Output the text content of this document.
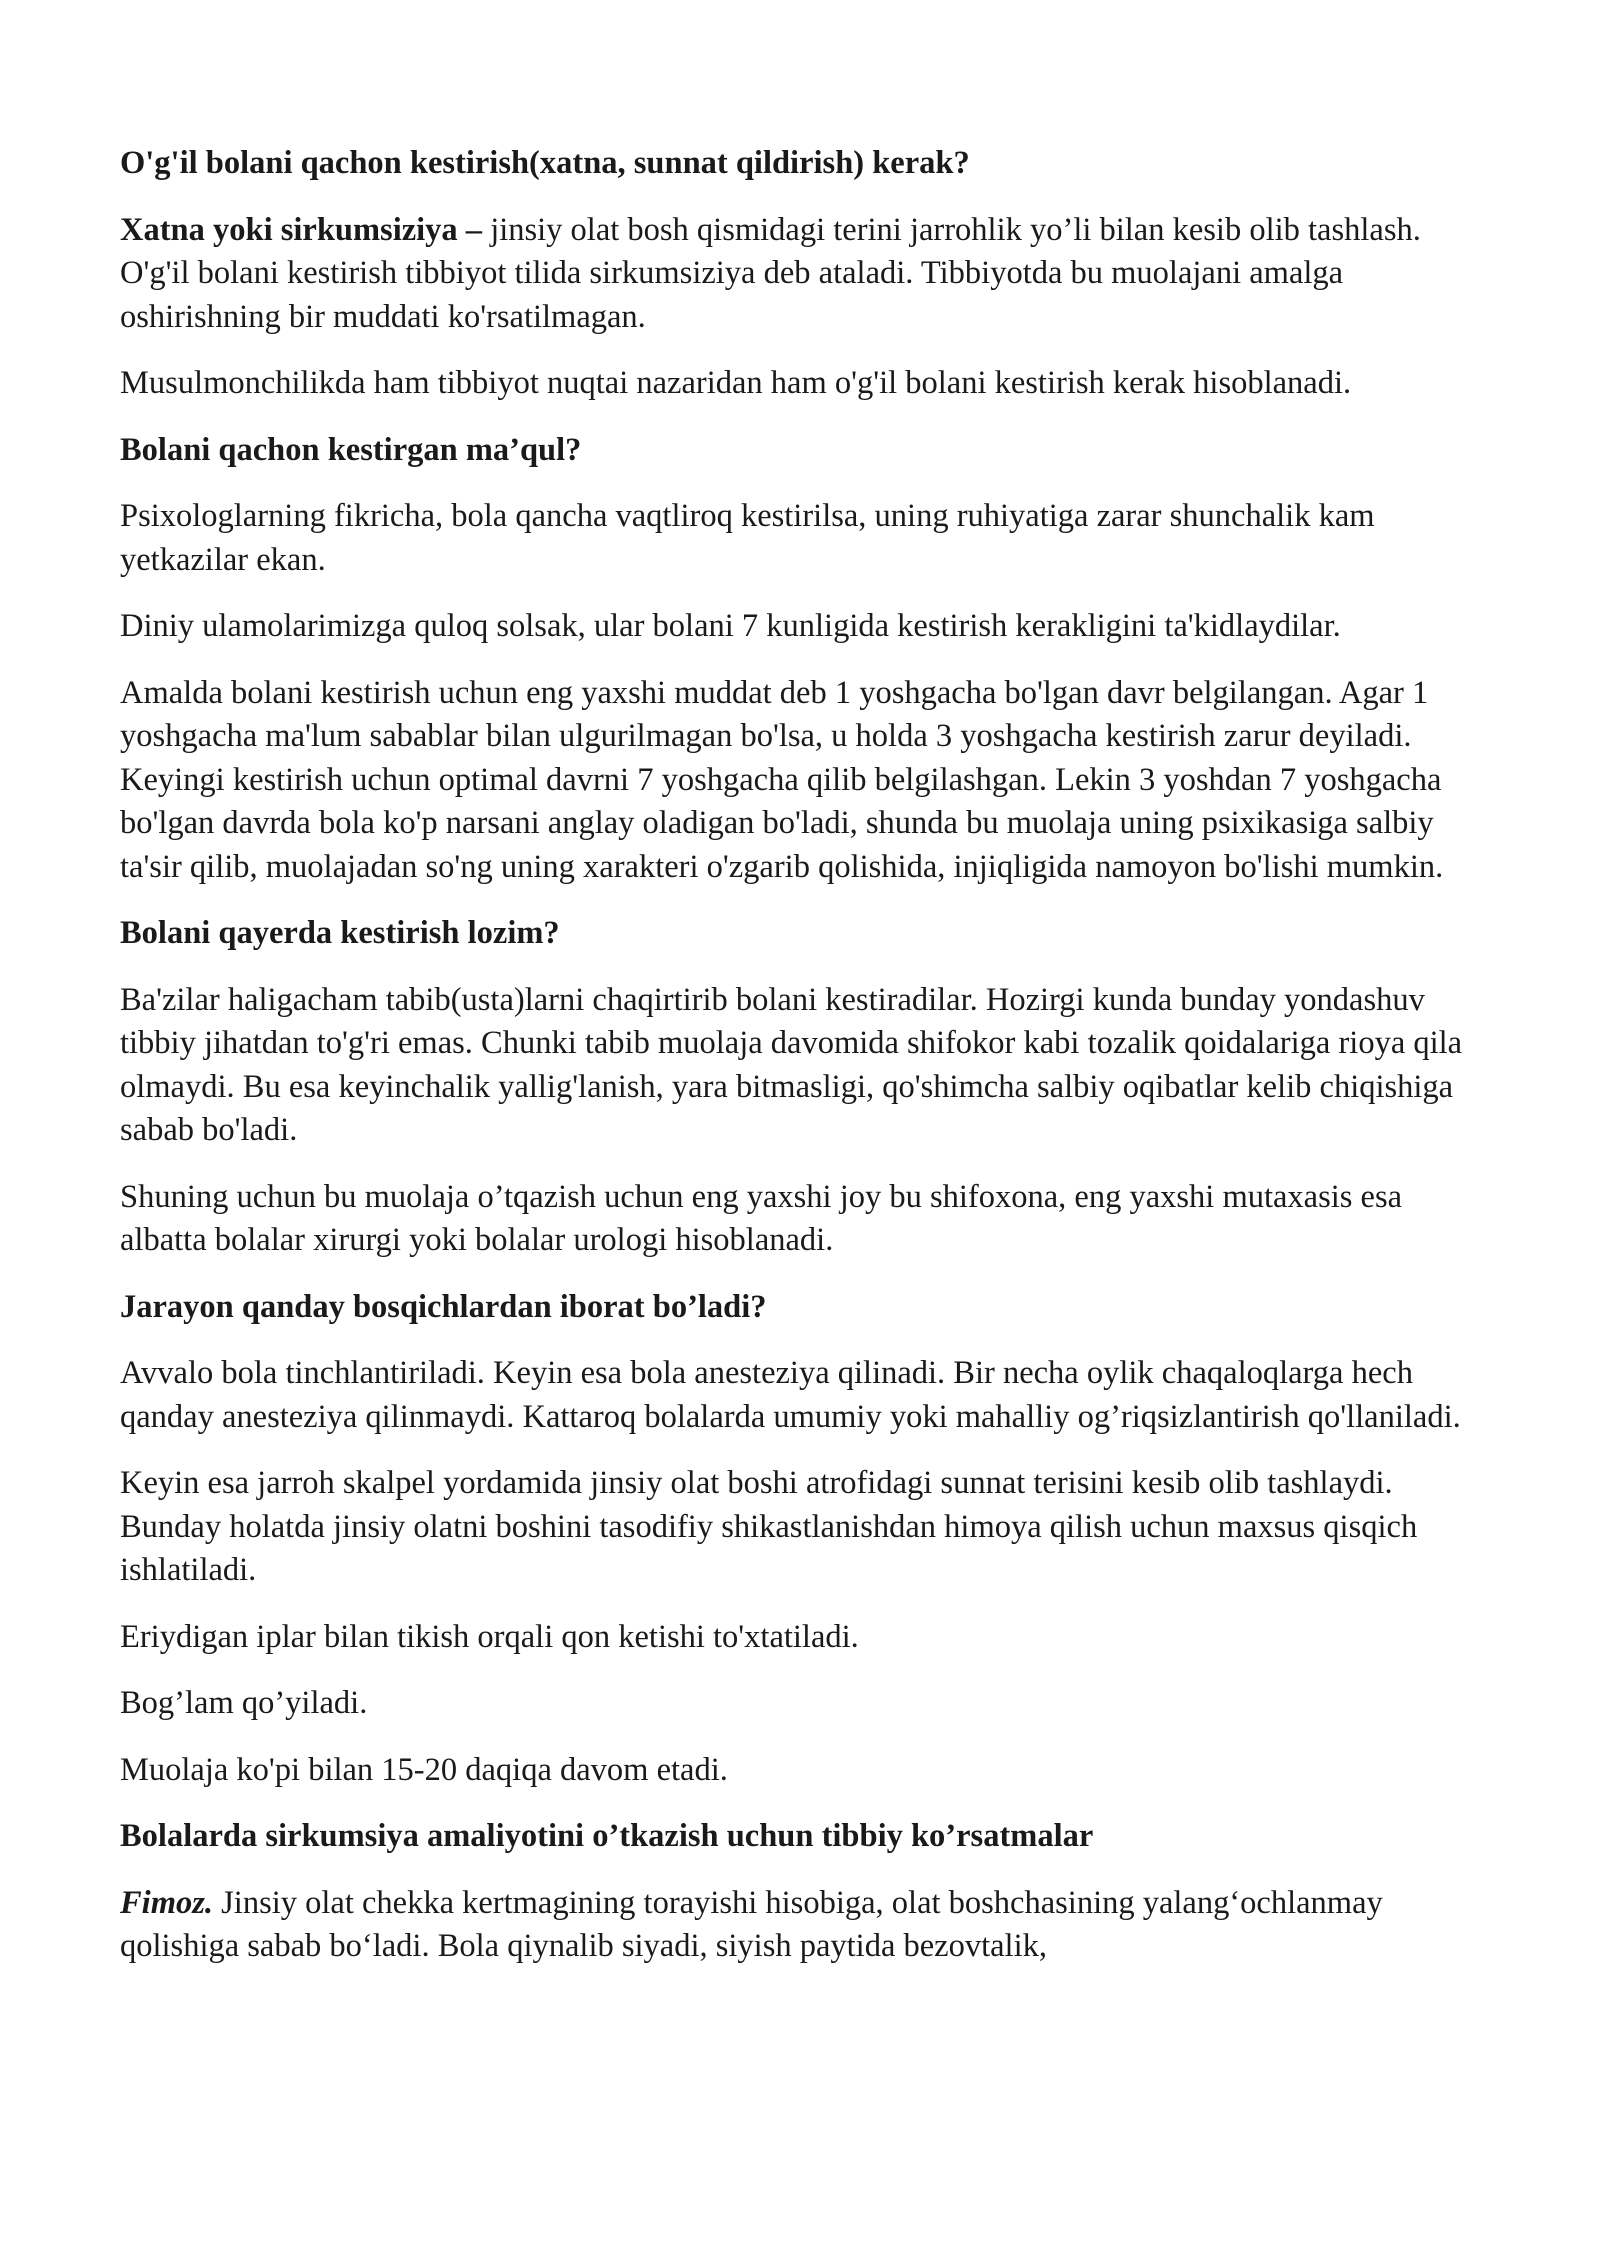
O'g'il bolani qachon kestirish(xatna, sunnat qildirish) kerak?
Xatna yoki sirkumsiziya – jinsiy olat bosh qismidagi terini jarrohlik yo’li bilan kesib olib tashlash. O'g'il bolani kestirish tibbiyot tilida sirkumsiziya deb ataladi. Tibbiyotda bu muolajani amalga oshirishning bir muddati ko'rsatilmagan.
Musulmonchilikda ham tibbiyot nuqtai nazaridan ham o'g'il bolani kestirish kerak hisoblanadi.
Bolani qachon kestirgan ma’qul?
Psixologlarning fikricha, bola qancha vaqtliroq kestirilsa, uning ruhiyatiga zarar shunchalik kam yetkazilar ekan.
Diniy ulamolarimizga quloq solsak, ular bolani 7 kunligida kestirish kerakligini ta'kidlaydilar.
Amalda bolani kestirish uchun eng yaxshi muddat deb 1 yoshgacha bo'lgan davr belgilangan. Agar 1 yoshgacha ma'lum sabablar bilan ulgurilmagan bo'lsa, u holda 3 yoshgacha kestirish zarur deyiladi. Keyingi kestirish uchun optimal davrni 7 yoshgacha qilib belgilashgan. Lekin 3 yoshdan 7 yoshgacha bo'lgan davrda bola ko'p narsani anglay oladigan bo'ladi, shunda bu muolaja uning psixikasiga salbiy ta'sir qilib, muolajadan so'ng uning xarakteri o'zgarib qolishida, injiqligida namoyon bo'lishi mumkin.
Bolani qayerda kestirish lozim?
Ba'zilar haligacham tabib(usta)larni chaqirtirib bolani kestiradilar. Hozirgi kunda bunday yondashuv tibbiy jihatdan to'g'ri emas. Chunki tabib muolaja davomida shifokor kabi tozalik qoidalariga rioya qila olmaydi. Bu esa keyinchalik yallig'lanish, yara bitmasligi, qo'shimcha salbiy oqibatlar kelib chiqishiga sabab bo'ladi.
Shuning uchun bu muolaja o’tqazish uchun eng yaxshi joy bu shifoxona, eng yaxshi mutaxasis esa albatta bolalar xirurgi yoki bolalar urologi hisoblanadi.
Jarayon qanday bosqichlardan iborat bo’ladi?
Avvalo bola tinchlantiriladi. Keyin esa bola anesteziya qilinadi. Bir necha oylik chaqaloqlarga hech qanday anesteziya qilinmaydi. Kattaroq bolalarda umumiy yoki mahalliy og’riqsizlantirish qo'llaniladi.
Keyin esa jarroh skalpel yordamida jinsiy olat boshi atrofidagi sunnat terisini kesib olib tashlaydi. Bunday holatda jinsiy olatni boshini tasodifiy shikastlanishdan himoya qilish uchun maxsus qisqich ishlatiladi.
Eriydigan iplar bilan tikish orqali qon ketishi to'xtatiladi.
Bog’lam qo’yiladi.
Muolaja ko'pi bilan 15-20 daqiqa davom etadi.
Bolalarda sirkumsiya amaliyotini o’tkazish uchun tibbiy ko’rsatmalar
Fimoz. Jinsiy olat chekka kertmagining torayishi hisobiga, olat boshchasining yalang‘ochlanmay qolishiga sabab bo‘ladi. Bola qiynalib siyadi, siyish paytida bezovtalik,
